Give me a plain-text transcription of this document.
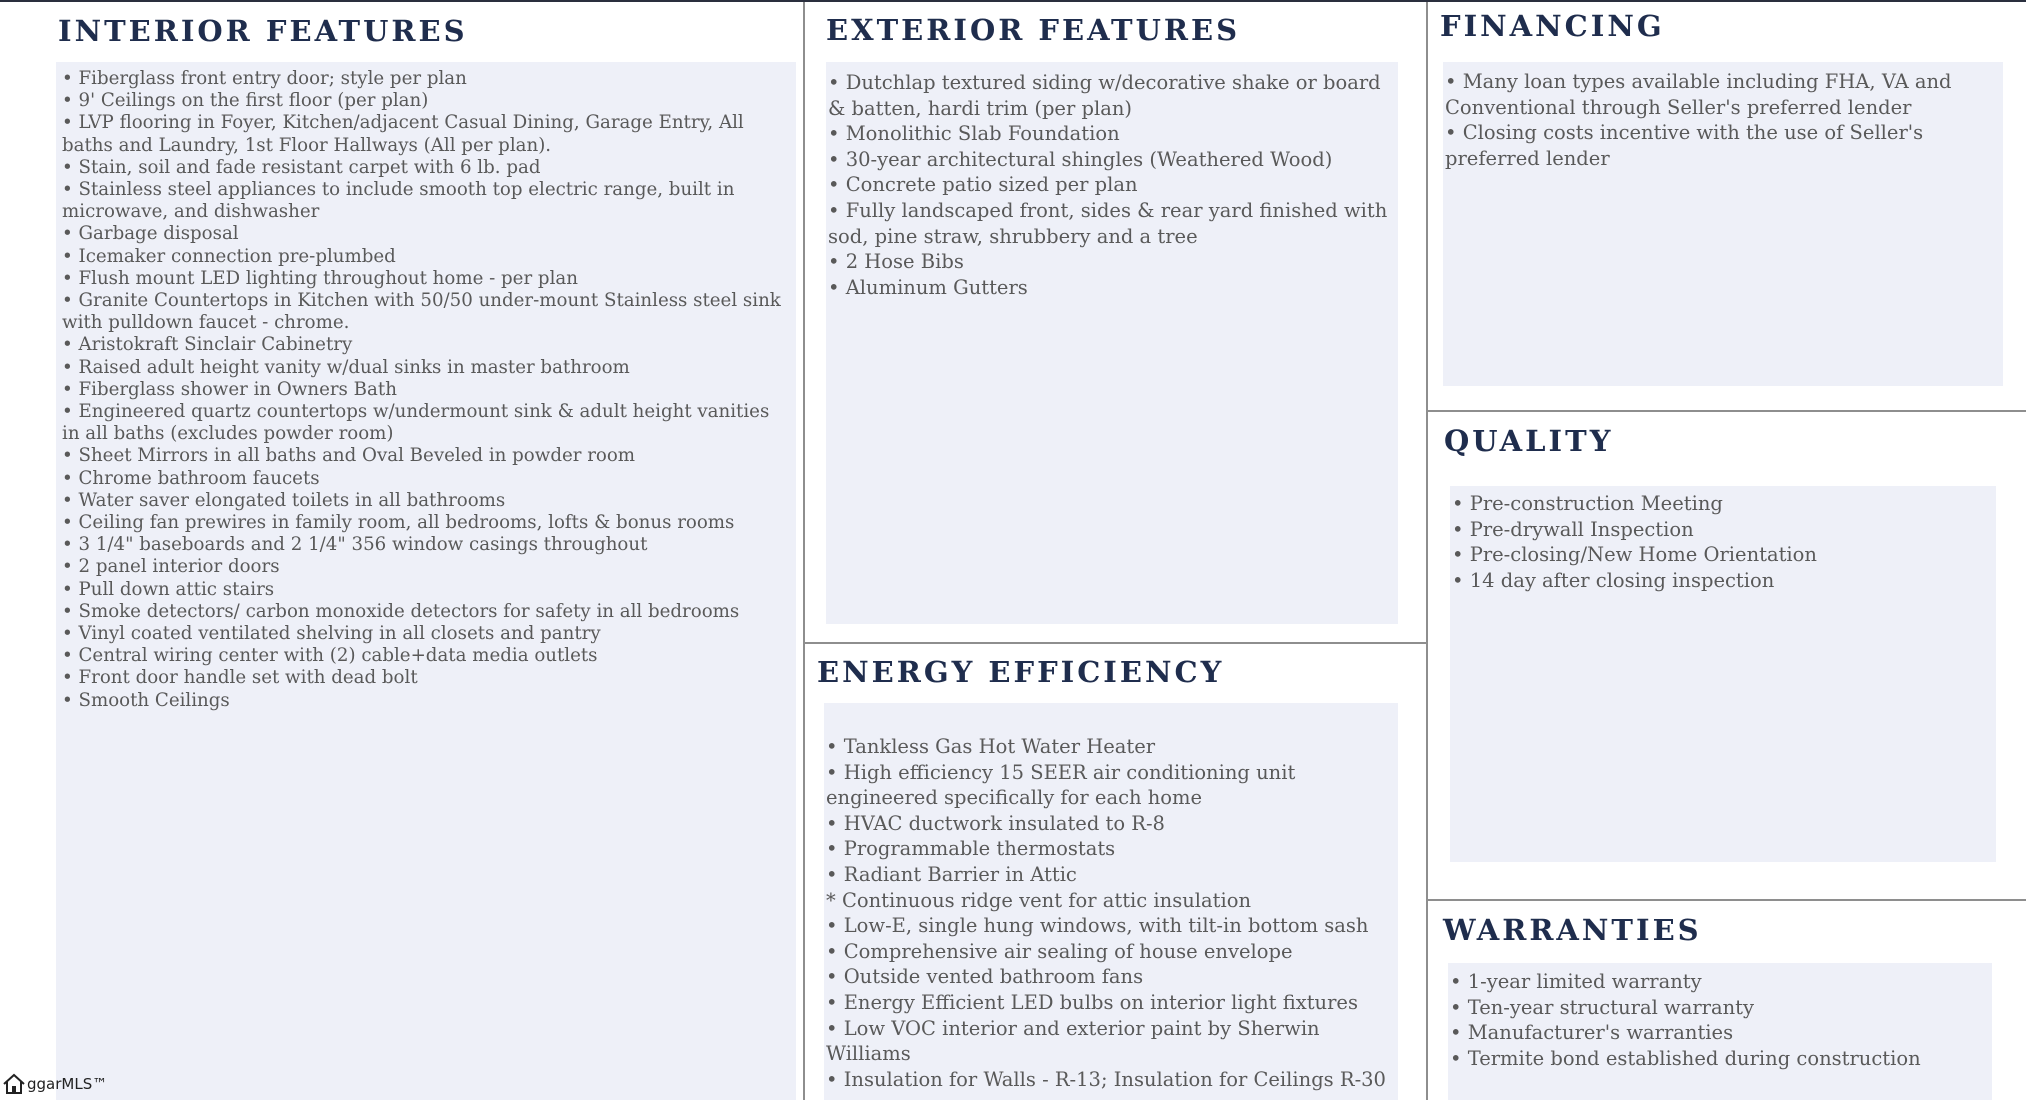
INTERIOR FEATURES
• Fiberglass front entry door; style per plan
• 9' Ceilings on the first floor (per plan)
• LVP flooring in Foyer, Kitchen/adjacent Casual Dining, Garage Entry, All baths and Laundry, 1st Floor Hallways (All per plan).
• Stain, soil and fade resistant carpet with 6 lb. pad
• Stainless steel appliances to include smooth top electric range, built in microwave, and dishwasher
• Garbage disposal
• Icemaker connection pre-plumbed
• Flush mount LED lighting throughout home - per plan
• Granite Countertops in Kitchen with 50/50 under-mount Stainless steel sink with pulldown faucet - chrome.
• Aristokraft Sinclair Cabinetry
• Raised adult height vanity w/dual sinks in master bathroom
• Fiberglass shower in Owners Bath
• Engineered quartz countertops w/undermount sink & adult height vanities in all baths (excludes powder room)
• Sheet Mirrors in all baths and Oval Beveled in powder room
• Chrome bathroom faucets
• Water saver elongated toilets in all bathrooms
• Ceiling fan prewires in family room, all bedrooms, lofts & bonus rooms
• 3 1/4" baseboards and 2 1/4" 356 window casings throughout
• 2 panel interior doors
• Pull down attic stairs
• Smoke detectors/ carbon monoxide detectors for safety in all bedrooms
• Vinyl coated ventilated shelving in all closets and pantry
• Central wiring center with (2) cable+data media outlets
• Front door handle set with dead bolt
• Smooth Ceilings
EXTERIOR FEATURES
• Dutchlap textured siding w/decorative shake or board & batten, hardi trim (per plan)
• Monolithic Slab Foundation
• 30-year architectural shingles (Weathered Wood)
• Concrete patio sized per plan
• Fully landscaped front, sides & rear yard finished with sod, pine straw, shrubbery and a tree
• 2 Hose Bibs
• Aluminum Gutters
FINANCING
• Many loan types available including FHA, VA and Conventional through Seller's preferred lender
• Closing costs incentive with the use of Seller's preferred lender
QUALITY
• Pre-construction Meeting
• Pre-drywall Inspection
• Pre-closing/New Home Orientation
• 14 day after closing inspection
ENERGY EFFICIENCY
• Tankless Gas Hot Water Heater
• High efficiency 15 SEER air conditioning unit engineered specifically for each home
• HVAC ductwork insulated to R-8
• Programmable thermostats
• Radiant Barrier in Attic
* Continuous ridge vent for attic insulation
• Low-E, single hung windows, with tilt-in bottom sash
• Comprehensive air sealing of house envelope
• Outside vented bathroom fans
• Energy Efficient LED bulbs on interior light fixtures
• Low VOC interior and exterior paint by Sherwin Williams
• Insulation for Walls - R-13; Insulation for Ceilings R-30
WARRANTIES
• 1-year limited warranty
• Ten-year structural warranty
• Manufacturer's warranties
• Termite bond established during construction
ggarMLS™
